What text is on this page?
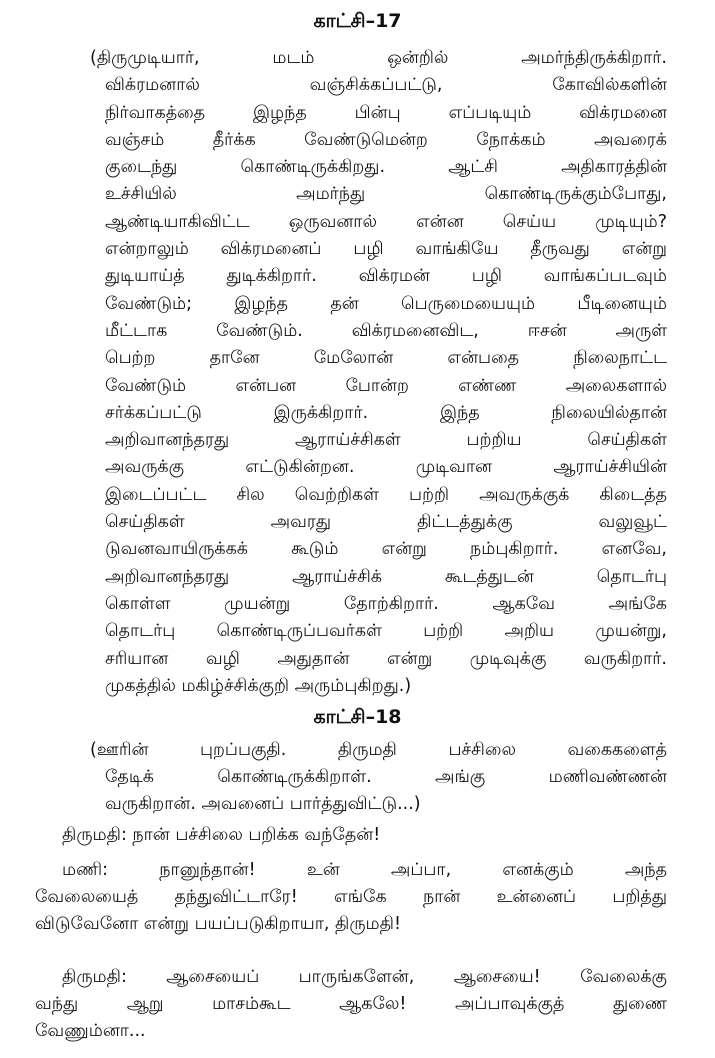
காட்சி–17
(திருமுடியார், மடம் ஒன்றில் அமர்ந்திருக்கிறார்.
விக்ரமனால் வஞ்சிக்கப்பட்டு, கோவில்களின்
நிர்வாகத்தை இழந்த பின்பு எப்படியும் விக்ரமனை
வஞ்சம் தீர்க்க வேண்டுமென்ற நோக்கம் அவரைக்
குடைந்து கொண்டிருக்கிறது. ஆட்சி அதிகாரத்தின்
உச்சியில் அமர்ந்து கொண்டிருக்கும்போது,
ஆண்டியாகிவிட்ட ஒருவனால் என்ன செய்ய முடியும்?
என்றாலும் விக்ரமனைப் பழி வாங்கியே தீருவது என்று
துடியாய்த் துடிக்கிறார். விக்ரமன் பழி வாங்கப்படவும்
வேண்டும்; இழந்த தன் பெருமையையும் பீடினையும்
மீட்டாக வேண்டும். விக்ரமனைவிட, ஈசன் அருள்
பெற்ற தானே மேலோன் என்பதை நிலைநாட்ட
வேண்டும் என்பன போன்ற எண்ண அலைகளால்
சர்க்கப்பட்டு இருக்கிறார். இந்த நிலையில்தான்
அறிவானந்தரது ஆராய்ச்சிகள் பற்றிய செய்திகள்
அவருக்கு எட்டுகின்றன. முடிவான ஆராய்ச்சியின்
இடைப்பட்ட சில வெற்றிகள் பற்றி அவருக்குக் கிடைத்த
செய்திகள் அவரது திட்டத்துக்கு வலுவூட்
டுவனவாயிருக்கக் கூடும் என்று நம்புகிறார். எனவே,
அறிவானந்தரது ஆராய்ச்சிக் கூடத்துடன் தொடர்பு
கொள்ள முயன்று தோற்கிறார். ஆகவே அங்கே
தொடர்பு கொண்டிருப்பவர்கள் பற்றி அறிய முயன்று,
சரியான வழி அதுதான் என்று முடிவுக்கு வருகிறார்.
முகத்தில் மகிழ்ச்சிக்குறி அரும்புகிறது.)
காட்சி–18
(ஊரின் புறப்பகுதி. திருமதி பச்சிலை வகைகளைத்
தேடிக் கொண்டிருக்கிறாள். அங்கு மணிவண்ணன்
வருகிறான். அவனைப் பார்த்துவிட்டு...)
திருமதி: நான் பச்சிலை பறிக்க வந்தேன்!
மணி: நானுந்தான்! உன் அப்பா, எனக்கும் அந்த
வேலையைத் தந்துவிட்டாரே! எங்கே நான் உன்னைப் பறித்து
விடுவேனோ என்று பயப்படுகிறாயா, திருமதி!
திருமதி: ஆசையைப் பாருங்களேன், ஆசையை! வேலைக்கு
வந்து ஆறு மாசம்கூட ஆகலே! அப்பாவுக்குத் துணை
வேணும்னா...
